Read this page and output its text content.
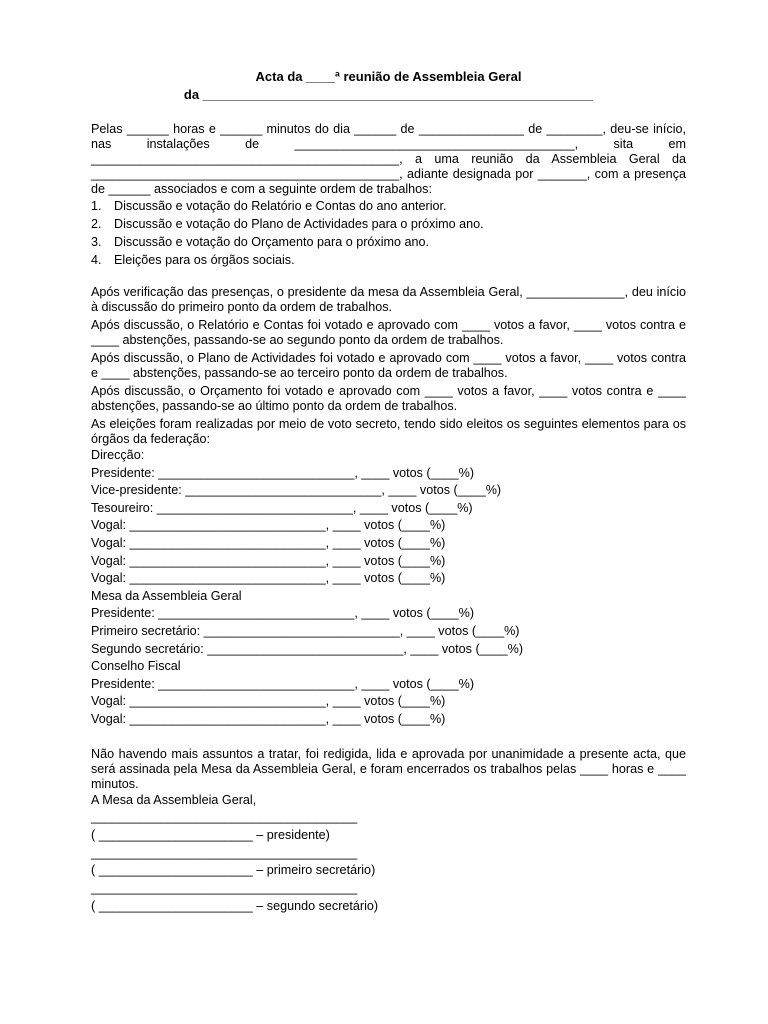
Acta da ____ª reunião de Assembleia Geral
da ______________________________________________________
Pelas ______ horas e ______ minutos do dia ______ de _______________ de ________, deu-se início, nas instalações de ________________________________________, sita em ____________________________________________, a uma reunião da Assembleia Geral da ____________________________________________, adiante designada por _______, com a presença de ______ associados e com a seguinte ordem de trabalhos:
1. Discussão e votação do Relatório e Contas do ano anterior.
2. Discussão e votação do Plano de Actividades para o próximo ano.
3. Discussão e votação do Orçamento para o próximo ano.
4. Eleições para os órgãos sociais.
Após verificação das presenças, o presidente da mesa da Assembleia Geral, ______________, deu início à discussão do primeiro ponto da ordem de trabalhos.
Após discussão, o Relatório e Contas foi votado e aprovado com ____ votos a favor, ____ votos contra e ____ abstenções, passando-se ao segundo ponto da ordem de trabalhos.
Após discussão, o Plano de Actividades foi votado e aprovado com ____ votos a favor, ____ votos contra e ____ abstenções, passando-se ao terceiro ponto da ordem de trabalhos.
Após discussão, o Orçamento foi votado e aprovado com ____ votos a favor, ____ votos contra e ____ abstenções, passando-se ao último ponto da ordem de trabalhos.
As eleições foram realizadas por meio de voto secreto, tendo sido eleitos os seguintes elementos para os órgãos da federação:
Direcção:
Presidente: ____________________________, ____ votos (____%)
Vice-presidente: ____________________________, ____ votos (____%)
Tesoureiro: ____________________________, ____ votos (____%)
Vogal: ____________________________, ____ votos (____%)
Vogal: ____________________________, ____ votos (____%)
Vogal: ____________________________, ____ votos (____%)
Vogal: ____________________________, ____ votos (____%)
Mesa da Assembleia Geral
Presidente: ____________________________, ____ votos (____%)
Primeiro secretário: ____________________________, ____ votos (____%)
Segundo secretário: ____________________________, ____ votos (____%)
Conselho Fiscal
Presidente: ____________________________, ____ votos (____%)
Vogal: ____________________________, ____ votos (____%)
Vogal: ____________________________, ____ votos (____%)
Não havendo mais assuntos a tratar, foi redigida, lida e aprovada por unanimidade a presente acta, que será assinada pela Mesa da Assembleia Geral, e foram encerrados os trabalhos pelas ____ horas e ____ minutos.
A Mesa da Assembleia Geral,
______________________________________
( ______________________ – presidente)
______________________________________
( ______________________ – primeiro secretário)
______________________________________
( ______________________ – segundo secretário)
